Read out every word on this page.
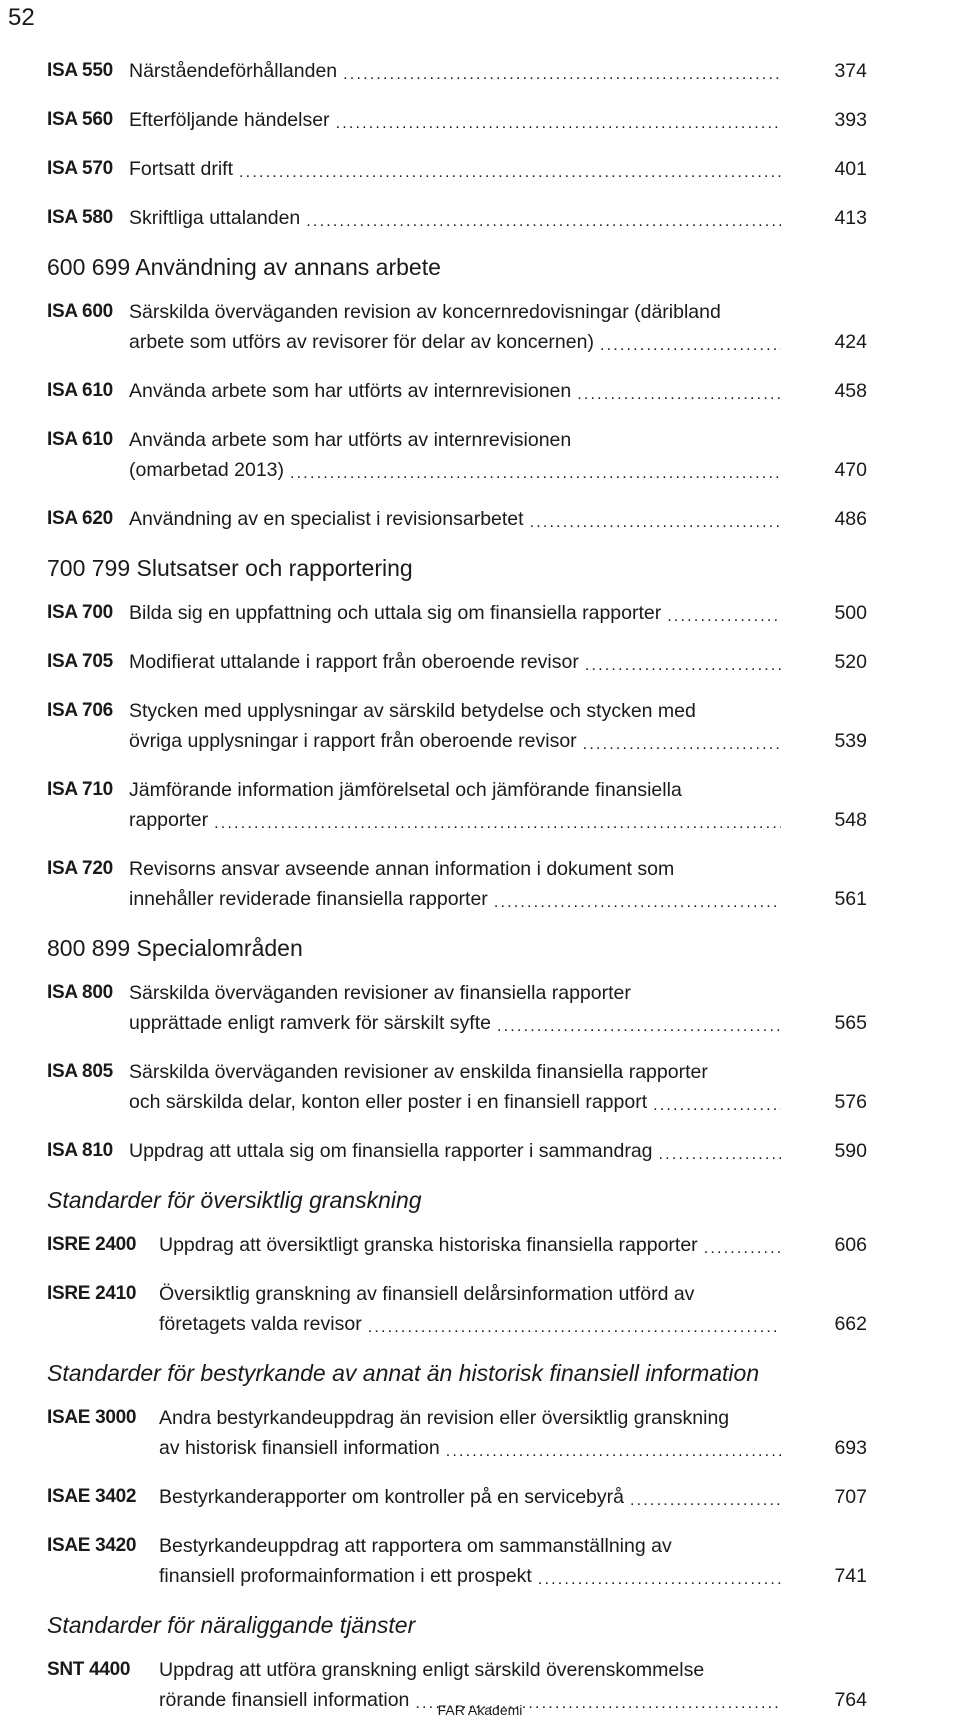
52
ISA 550 Närståendeförhållanden .....	374
ISA 560 Efterföljande händelser .....	393
ISA 570 Fortsatt drift .....	401
ISA 580 Skriftliga uttalanden .....	413
600 699 Användning av annans arbete
ISA 600 Särskilda överväganden revision av koncernredovisningar (däribland
arbete som utförs av revisorer för delar av koncernen) .....	424
ISA 610 Använda arbete som har utförts av internrevisionen .....	458
ISA 610 Använda arbete som har utförts av internrevisionen
(omarbetad 2013) .....	470
ISA 620 Användning av en specialist i revisionsarbetet .....	486
700 799 Slutsatser och rapportering
ISA 700 Bilda sig en uppfattning och uttala sig om finansiella rapporter .....	500
ISA 705 Modifierat uttalande i rapport från oberoende revisor .....	520
ISA 706 Stycken med upplysningar av särskild betydelse och stycken med
övriga upplysningar i rapport från oberoende revisor .....	539
ISA 710 Jämförande information jämförelsetal och jämförande finansiella
rapporter .....	548
ISA 720 Revisorns ansvar avseende annan information i dokument som
innehåller reviderade finansiella rapporter .....	561
800 899 Specialområden
ISA 800 Särskilda överväganden revisioner av finansiella rapporter
upprättade enligt ramverk för särskilt syfte .....	565
ISA 805 Särskilda överväganden revisioner av enskilda finansiella rapporter
och särskilda delar, konton eller poster i en finansiell rapport .....	576
ISA 810 Uppdrag att uttala sig om finansiella rapporter i sammandrag .....	590
Standarder för översiktlig granskning
ISRE 2400 Uppdrag att översiktligt granska historiska finansiella rapporter .....	606
ISRE 2410 Översiktlig granskning av finansiell delårsinformation utförd av
företagets valda revisor .....	662
Standarder för bestyrkande av annat än historisk finansiell information
ISAE 3000 Andra bestyrkandeuppdrag än revision eller översiktlig granskning
av historisk finansiell information .....	693
ISAE 3402 Bestyrkanderapporter om kontroller på en servicebyrå .....	707
ISAE 3420 Bestyrkandeuppdrag att rapportera om sammanställning av
finansiell proformainformation i ett prospekt .....	741
Standarder för näraliggande tjänster
SNT 4400 Uppdrag att utföra granskning enligt särskild överenskommelse
rörande finansiell information .....	764
FAR Akademi
